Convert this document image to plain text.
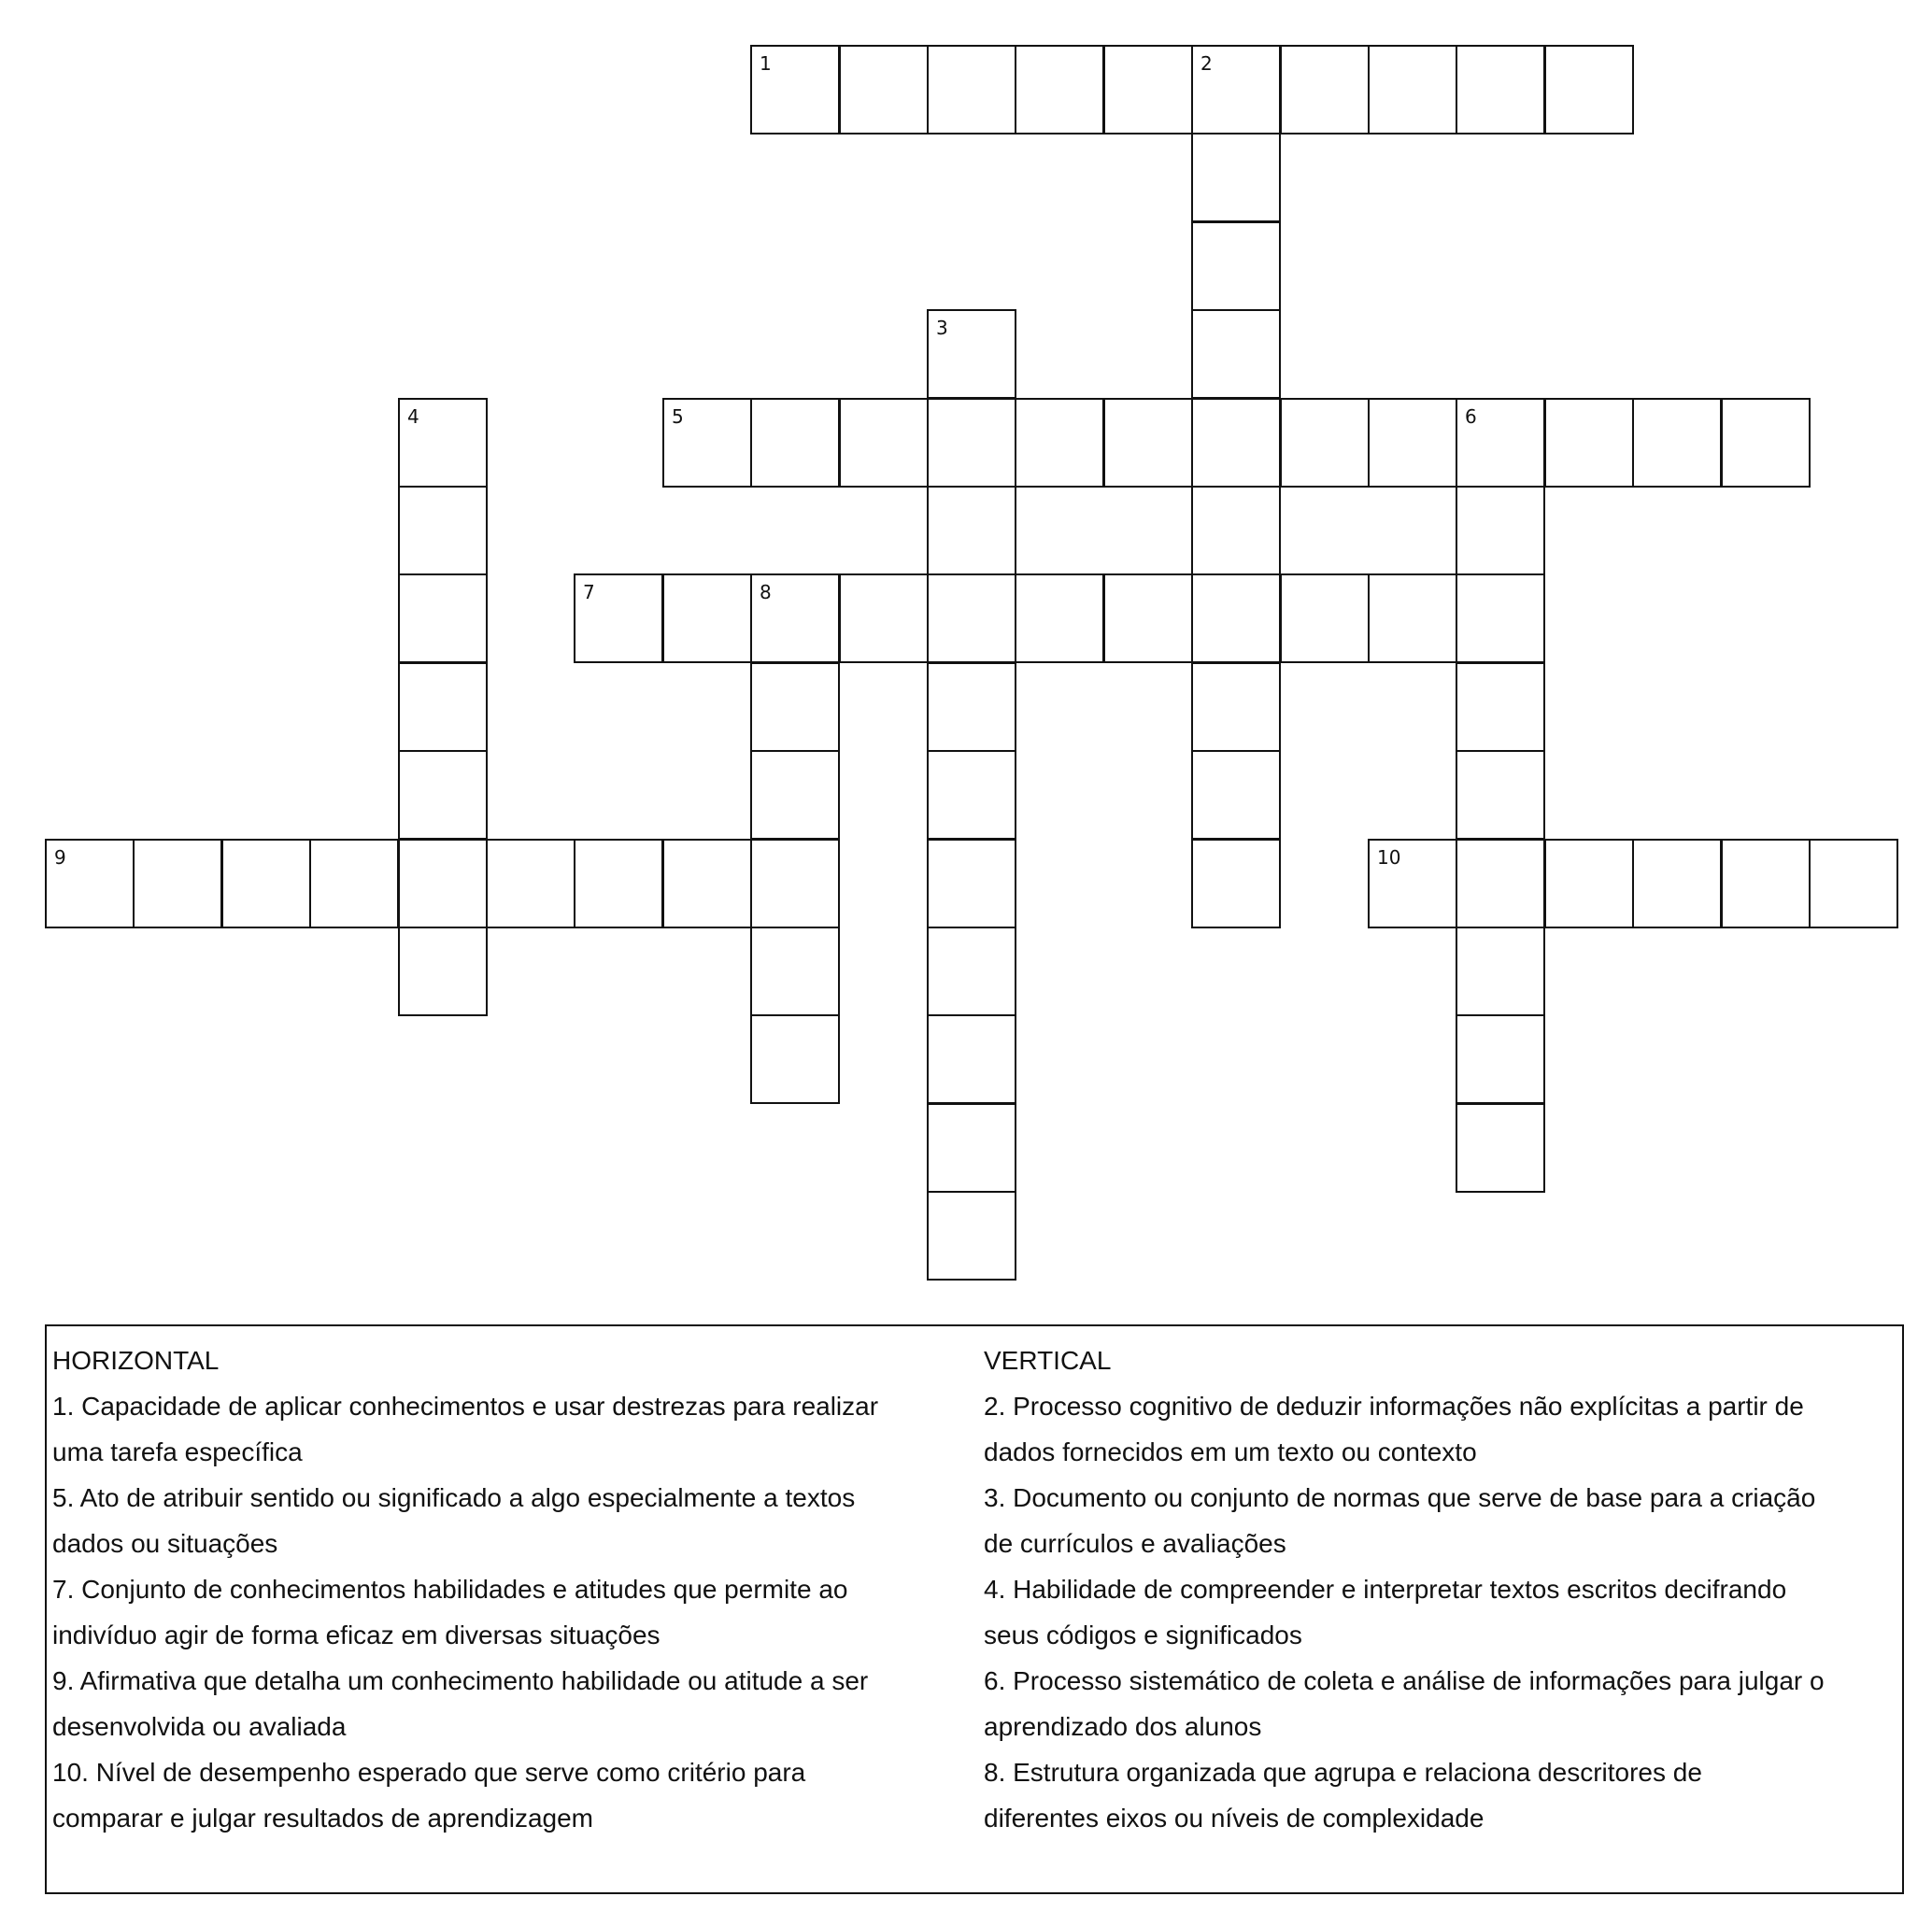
1	2
3
4	5	6
7	8
9	10
HORIZONTAL
1. Capacidade de aplicar conhecimentos e usar destrezas para realizar
uma tarefa específica
5. Ato de atribuir sentido ou significado a algo especialmente a textos
dados ou situações
7. Conjunto de conhecimentos habilidades e atitudes que permite ao
indivíduo agir de forma eficaz em diversas situações
9. Afirmativa que detalha um conhecimento habilidade ou atitude a ser
desenvolvida ou avaliada
10. Nível de desempenho esperado que serve como critério para
comparar e julgar resultados de aprendizagem
VERTICAL
2. Processo cognitivo de deduzir informações não explícitas a partir de
dados fornecidos em um texto ou contexto
3. Documento ou conjunto de normas que serve de base para a criação
de currículos e avaliações
4. Habilidade de compreender e interpretar textos escritos decifrando
seus códigos e significados
6. Processo sistemático de coleta e análise de informações para julgar o
aprendizado dos alunos
8. Estrutura organizada que agrupa e relaciona descritores de
diferentes eixos ou níveis de complexidade
